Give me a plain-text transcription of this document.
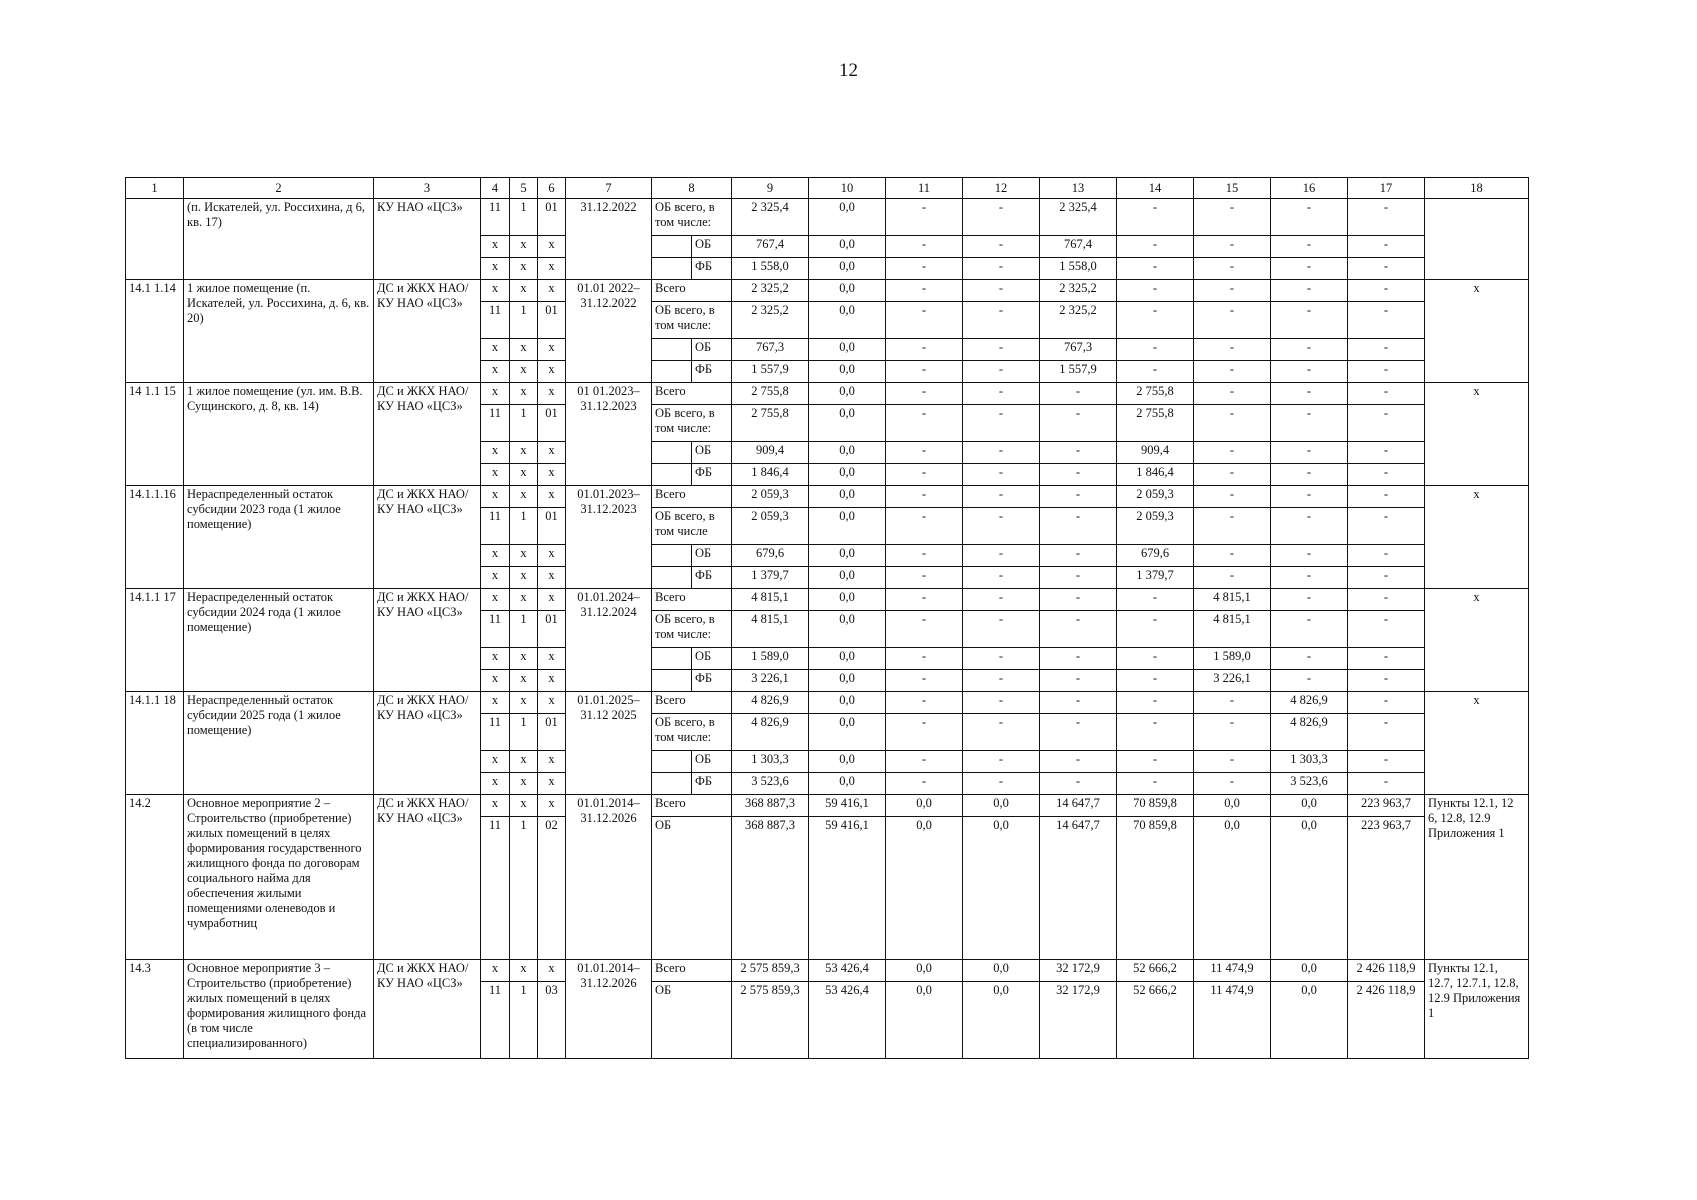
12
1	2	3	4	5	6	7	8		9	10	11	12	13	14	15	16	17	18
	(п. Искателей, ул. Россихина, д 6, кв. 17)	КУ НАО «ЦСЗ»	11	1	01	31.12.2022	ОБ всего, в том числе:		2 325,4	0,0	-	-	2 325,4	-	-	-	-	
			x	x	x			ОБ	767,4	0,0	-	-	767,4	-	-	-	-	
			x	x	x			ФБ	1 558,0	0,0	-	-	1 558,0	-	-	-	-	
14.1 1.14	1 жилое помещение (п. Искателей, ул. Россихина, д. 6, кв. 20)	ДС и ЖКХ НАО/ КУ НАО «ЦСЗ»	x	x	x	01.01 2022– 31.12.2022	Всего		2 325,2	0,0	-	-	2 325,2	-	-	-	-	x
			11	1	01		ОБ всего, в том числе:		2 325,2	0,0	-	-	2 325,2	-	-	-	-	
			x	x	x			ОБ	767,3	0,0	-	-	767,3	-	-	-	-	
			x	x	x			ФБ	1 557,9	0,0	-	-	1 557,9	-	-	-	-	
14 1.1 15	1 жилое помещение (ул. им. В.В. Сущинского, д. 8, кв. 14)	ДС и ЖКХ НАО/ КУ НАО «ЦСЗ»	x	x	x	01 01.2023– 31.12.2023	Всего		2 755,8	0,0	-	-	-	2 755,8	-	-	-	x
			11	1	01		ОБ всего, в том числе:		2 755,8	0,0	-	-	-	2 755,8	-	-	-	
			x	x	x			ОБ	909,4	0,0	-	-	-	909,4	-	-	-	
			x	x	x			ФБ	1 846,4	0,0	-	-	-	1 846,4	-	-	-	
14.1.1.16	Нераспределенный остаток субсидии 2023 года (1 жилое помещение)	ДС и ЖКХ НАО/ КУ НАО «ЦСЗ»	x	x	x	01.01.2023– 31.12.2023	Всего		2 059,3	0,0	-	-	-	2 059,3	-	-	-	x
			11	1	01		ОБ всего, в том числе		2 059,3	0,0	-	-	-	2 059,3	-	-	-	
			x	x	x			ОБ	679,6	0,0	-	-	-	679,6	-	-	-	
			x	x	x			ФБ	1 379,7	0,0	-	-	-	1 379,7	-	-	-	
14.1.1 17	Нераспределенный остаток субсидии 2024 года (1 жилое помещение)	ДС и ЖКХ НАО/ КУ НАО «ЦСЗ»	x	x	x	01.01.2024– 31.12.2024	Всего		4 815,1	0,0	-	-	-	-	4 815,1	-	-	x
			11	1	01		ОБ всего, в том числе:		4 815,1	0,0	-	-	-	-	4 815,1	-	-	
			x	x	x			ОБ	1 589,0	0,0	-	-	-	-	1 589,0	-	-	
			x	x	x			ФБ	3 226,1	0,0	-	-	-	-	3 226,1	-	-	
14.1.1 18	Нераспределенный остаток субсидии 2025 года (1 жилое помещение)	ДС и ЖКХ НАО/ КУ НАО «ЦСЗ»	x	x	x	01.01.2025– 31.12 2025	Всего		4 826,9	0,0	-	-	-	-	-	4 826,9	-	x
			11	1	01		ОБ всего, в том числе:		4 826,9	0,0	-	-	-	-	-	4 826,9	-	
			x	x	x			ОБ	1 303,3	0,0	-	-	-	-	-	1 303,3	-	
			x	x	x			ФБ	3 523,6	0,0	-	-	-	-	-	3 523,6	-	
14.2	Основное мероприятие 2 – Строительство (приобретение) жилых помещений в целях формирования государственного жилищного фонда по договорам социального найма для обеспечения жилыми помещениями оленеводов и чумработниц	ДС и ЖКХ НАО/ КУ НАО «ЦСЗ»	x	x	x	01.01.2014– 31.12.2026	Всего		368 887,3	59 416,1	0,0	0,0	14 647,7	70 859,8	0,0	0,0	223 963,7	Пункты 12.1, 12 6, 12.8, 12.9 Приложения 1
			11	1	02		ОБ		368 887,3	59 416,1	0,0	0,0	14 647,7	70 859,8	0,0	0,0	223 963,7	
14.3	Основное мероприятие 3 – Строительство (приобретение) жилых помещений в целях формирования жилищного фонда (в том числе специализированного)	ДС и ЖКХ НАО/ КУ НАО «ЦСЗ»	x	x	x	01.01.2014– 31.12.2026	Всего		2 575 859,3	53 426,4	0,0	0,0	32 172,9	52 666,2	11 474,9	0,0	2 426 118,9	Пункты 12.1, 12.7, 12.7.1, 12.8, 12.9 Приложения 1
			11	1	03		ОБ		2 575 859,3	53 426,4	0,0	0,0	32 172,9	52 666,2	11 474,9	0,0	2 426 118,9	
